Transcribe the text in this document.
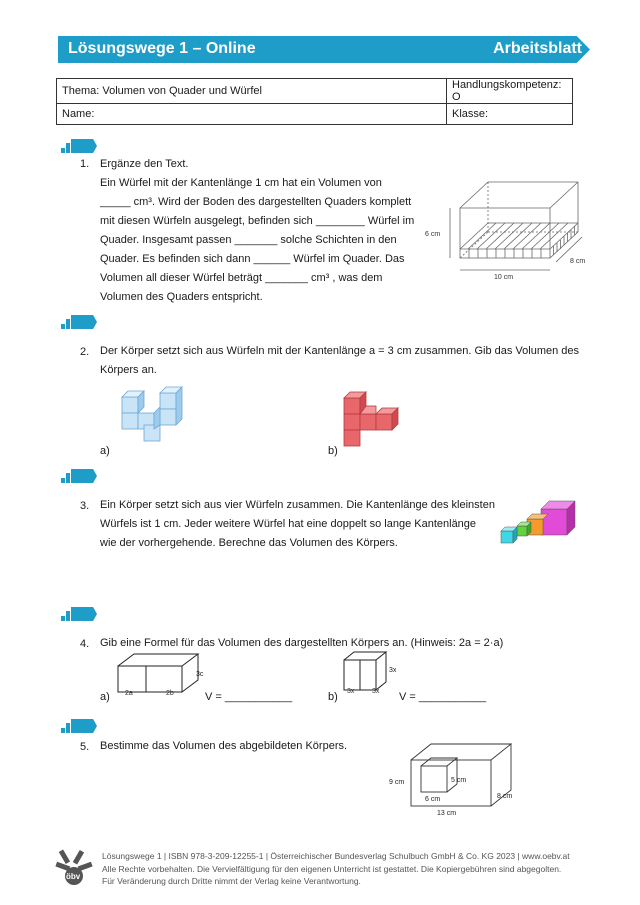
Lösungswege 1 – Online	Arbeitsblatt
Thema: Volumen von Quader und Würfel	Handlungskompetenz: O
Name:	Klasse:
1. Ergänze den Text.
Ein Würfel mit der Kantenlänge 1 cm hat ein Volumen von
_____ cm³. Wird der Boden des dargestellten Quaders komplett
mit diesen Würfeln ausgelegt, befinden sich ________ Würfel im
Quader. Insgesamt passen _______ solche Schichten in den
Quader. Es befinden sich dann ______ Würfel im Quader. Das
Volumen all dieser Würfel beträgt _______ cm³ , was dem
Volumen des Quaders entspricht.
6 cm
10 cm
8 cm
2. Der Körper setzt sich aus Würfeln mit der Kantenlänge a = 3 cm zusammen. Gib das Volumen des
Körpers an.
a)	b)
3. Ein Körper setzt sich aus vier Würfeln zusammen. Die Kantenlänge des kleinsten
Würfels ist 1 cm. Jeder weitere Würfel hat eine doppelt so lange Kantenlänge
wie der vorhergehende. Berechne das Volumen des Körpers.
4. Gib eine Formel für das Volumen des dargestellten Körpers an. (Hinweis: 2a = 2·a)
3c
2a	2b
a)	V = ___________
3x
3x	3x
b)	V = ___________
5. Bestimme das Volumen des abgebildeten Körpers.
9 cm	5 cm
6 cm	8 cm
13 cm
öbv
Lösungswege 1 | ISBN 978-3-209-12255-1 | Österreichischer Bundesverlag Schulbuch GmbH & Co. KG 2023 | www.oebv.at
Alle Rechte vorbehalten. Die Vervielfältigung für den eigenen Unterricht ist gestattet. Die Kopiergebühren sind abgegolten.
Für Veränderung durch Dritte nimmt der Verlag keine Verantwortung.
